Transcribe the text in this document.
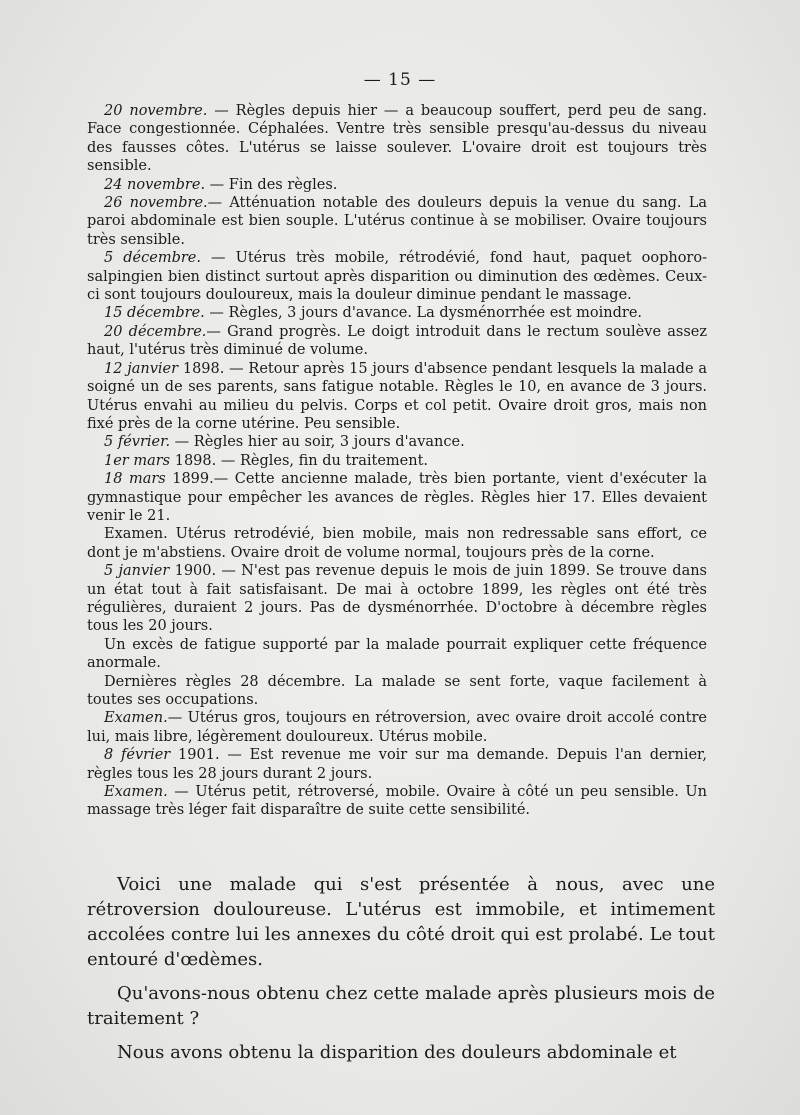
— 15 —

20 novembre. — Règles depuis hier — a beaucoup souffert, perd peu de sang. Face congestionnée. Céphalées. Ventre très sensible presqu'au-dessus du niveau des fausses côtes. L'utérus se laisse soulever. L'ovaire droit est toujours très sensible.

24 novembre. — Fin des règles.

26 novembre.— Atténuation notable des douleurs depuis la venue du sang. La paroi abdominale est bien souple. L'utérus continue à se mobiliser. Ovaire toujours très sensible.

5 décembre. — Utérus très mobile, rétrodévié, fond haut, paquet oophoro-salpingien bien distinct surtout après disparition ou diminution des œdèmes. Ceux-ci sont toujours douloureux, mais la douleur diminue pendant le massage.

15 décembre. — Règles, 3 jours d'avance. La dysménorrhée est moindre.

20 décembre.— Grand progrès. Le doigt introduit dans le rectum soulève assez haut, l'utérus très diminué de volume.

12 janvier 1898. — Retour après 15 jours d'absence pendant lesquels la malade a soigné un de ses parents, sans fatigue notable. Règles le 10, en avance de 3 jours. Utérus envahi au milieu du pelvis. Corps et col petit. Ovaire droit gros, mais non fixé près de la corne utérine. Peu sensible.

5 février. — Règles hier au soir, 3 jours d'avance.

1er mars 1898. — Règles, fin du traitement.

18 mars 1899.— Cette ancienne malade, très bien portante, vient d'exécuter la gymnastique pour empêcher les avances de règles. Règles hier 17. Elles devaient venir le 21.

Examen. Utérus retrodévié, bien mobile, mais non redressable sans effort, ce dont je m'abstiens. Ovaire droit de volume normal, toujours près de la corne.

5 janvier 1900. — N'est pas revenue depuis le mois de juin 1899. Se trouve dans un état tout à fait satisfaisant. De mai à octobre 1899, les règles ont été très régulières, duraient 2 jours. Pas de dysménorrhée. D'octobre à décembre règles tous les 20 jours.

Un excès de fatigue supporté par la malade pourrait expliquer cette fréquence anormale.

Dernières règles 28 décembre. La malade se sent forte, vaque facilement à toutes ses occupations.

Examen.— Utérus gros, toujours en rétroversion, avec ovaire droit accolé contre lui, mais libre, légèrement douloureux. Utérus mobile.

8 février 1901. — Est revenue me voir sur ma demande. Depuis l'an dernier, règles tous les 28 jours durant 2 jours.

Examen. — Utérus petit, rétroversé, mobile. Ovaire à côté un peu sensible. Un massage très léger fait disparaître de suite cette sensibilité.

Voici une malade qui s'est présentée à nous, avec une rétroversion douloureuse. L'utérus est immobile, et intimement accolées contre lui les annexes du côté droit qui est prolabé. Le tout entouré d'œdèmes.

Qu'avons-nous obtenu chez cette malade après plusieurs mois de traitement ?

Nous avons obtenu la disparition des douleurs abdominale et
